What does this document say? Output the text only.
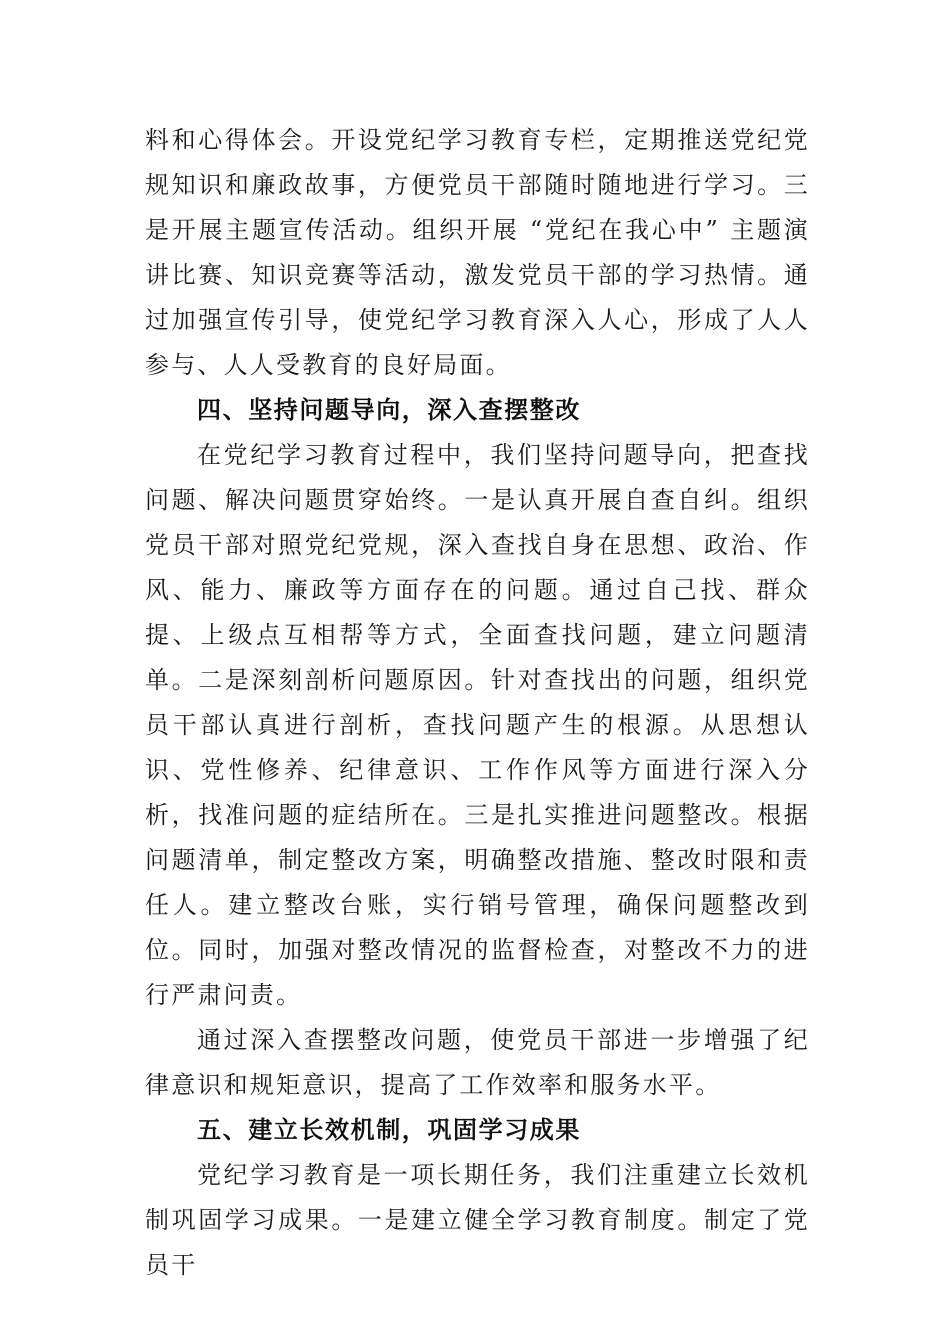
料和心得体会。开设党纪学习教育专栏，定期推送党纪党规知识和廉政故事，方便党员干部随时随地进行学习。三是开展主题宣传活动。组织开展 “党纪在我心中” 主题演讲比赛、知识竞赛等活动，激发党员干部的学习热情。通过加强宣传引导，使党纪学习教育深入人心，形成了人人参与、人人受教育的良好局面。

四、坚持问题导向，深入查摆整改

在党纪学习教育过程中，我们坚持问题导向，把查找问题、解决问题贯穿始终。一是认真开展自查自纠。组织党员干部对照党纪党规，深入查找自身在思想、政治、作风、能力、廉政等方面存在的问题。通过自己找、群众提、上级点互相帮等方式，全面查找问题，建立问题清单。二是深刻剖析问题原因。针对查找出的问题，组织党员干部认真进行剖析，查找问题产生的根源。从思想认识、党性修养、纪律意识、工作作风等方面进行深入分析，找准问题的症结所在。三是扎实推进问题整改。根据问题清单，制定整改方案，明确整改措施、整改时限和责任人。建立整改台账，实行销号管理，确保问题整改到位。同时，加强对整改情况的监督检查，对整改不力的进行严肃问责。

通过深入查摆整改问题，使党员干部进一步增强了纪律意识和规矩意识，提高了工作效率和服务水平。

五、建立长效机制，巩固学习成果

党纪学习教育是一项长期任务，我们注重建立长效机制巩固学习成果。一是建立健全学习教育制度。制定了党员干
